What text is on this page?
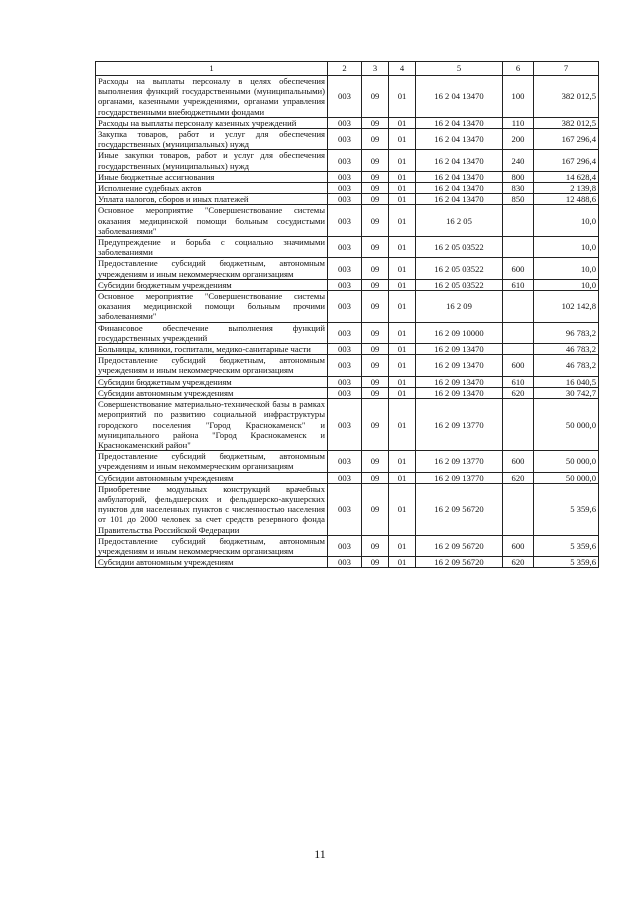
1	2	3	4	5	6	7
Расходы на выплаты персоналу в целях обеспечения выполнения функций государственными (муниципальными) органами, казенными учреждениями, органами управления государственными внебюджетными фондами	003	09	01	16 2 04 13470	100	382 012,5
Расходы на выплаты персоналу казенных учреждений	003	09	01	16 2 04 13470	110	382 012,5
Закупка товаров, работ и услуг для обеспечения государственных (муниципальных) нужд	003	09	01	16 2 04 13470	200	167 296,4
Иные закупки товаров, работ и услуг для обеспечения государственных (муниципальных) нужд	003	09	01	16 2 04 13470	240	167 296,4
Иные бюджетные ассигнования	003	09	01	16 2 04 13470	800	14 628,4
Исполнение судебных актов	003	09	01	16 2 04 13470	830	2 139,8
Уплата налогов, сборов и иных платежей	003	09	01	16 2 04 13470	850	12 488,6
Основное мероприятие "Совершенствование системы оказания медицинской помощи больным сосудистыми заболеваниями"	003	09	01	16 2 05		10,0
Предупреждение и борьба с социально значимыми заболеваниями	003	09	01	16 2 05 03522		10,0
Предоставление субсидий бюджетным, автономным учреждениям и иным некоммерческим организациям	003	09	01	16 2 05 03522	600	10,0
Субсидии бюджетным учреждениям	003	09	01	16 2 05 03522	610	10,0
Основное мероприятие "Совершенствование системы оказания медицинской помощи больным прочими заболеваниями"	003	09	01	16 2 09		102 142,8
Финансовое обеспечение выполнения функций государственных учреждений	003	09	01	16 2 09 10000		96 783,2
Больницы, клиники, госпитали, медико-санитарные части	003	09	01	16 2 09 13470		46 783,2
Предоставление субсидий бюджетным, автономным учреждениям и иным некоммерческим организациям	003	09	01	16 2 09 13470	600	46 783,2
Субсидии бюджетным учреждениям	003	09	01	16 2 09 13470	610	16 040,5
Субсидии автономным учреждениям	003	09	01	16 2 09 13470	620	30 742,7
Совершенствование материально-технической базы в рамках мероприятий по развитию социальной инфраструктуры городского поселения "Город Краснокаменск" и муниципального района "Город Краснокаменск и Краснокаменский район"	003	09	01	16 2 09 13770		50 000,0
Предоставление субсидий бюджетным, автономным учреждениям и иным некоммерческим организациям	003	09	01	16 2 09 13770	600	50 000,0
Субсидии автономным учреждениям	003	09	01	16 2 09 13770	620	50 000,0
Приобретение модульных конструкций врачебных амбулаторий, фельдшерских и фельдшерско-акушерских пунктов для населенных пунктов с численностью населения от 101 до 2000 человек за счет средств резервного фонда Правительства Российской Федерации	003	09	01	16 2 09 56720		5 359,6
Предоставление субсидий бюджетным, автономным учреждениям и иным некоммерческим организациям	003	09	01	16 2 09 56720	600	5 359,6
Субсидии автономным учреждениям	003	09	01	16 2 09 56720	620	5 359,6
11
